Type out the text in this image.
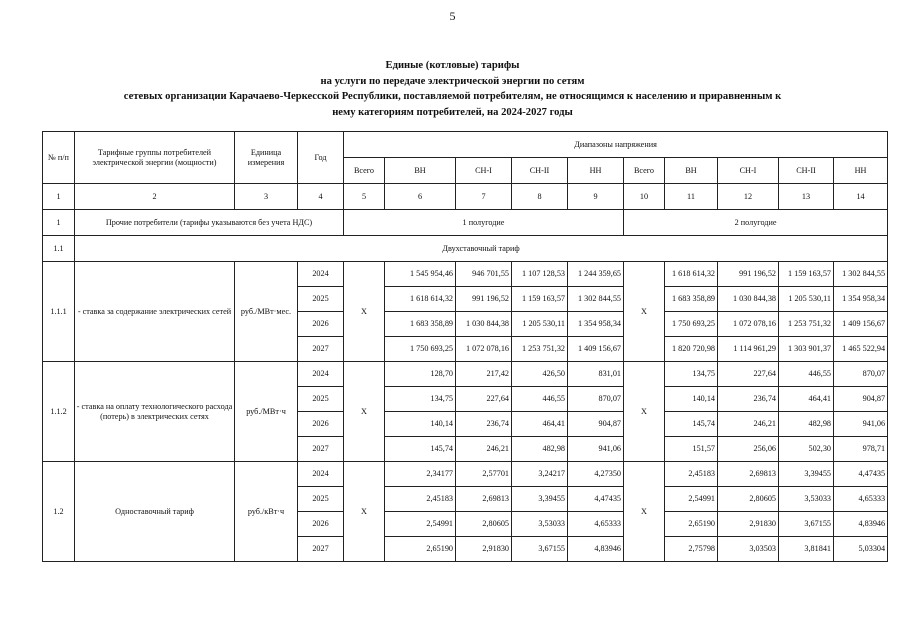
5
Единые (котловые) тарифы
на услуги по передаче электрической энергии по сетям
сетевых организации Карачаево-Черкесской Республики, поставляемой потребителям, не относящимся к населению и приравненным к
нему категориям потребителей, на 2024-2027 годы
№ п/п	Тарифные группы потребителей электрической энергии (мощности)	Единица измерения	Год	Диапазоны напряжения									
				Всего	ВН	СН-I	СН-II	НН	Всего	ВН	СН-I	СН-II	НН
1	2	3	4	5	6	7	8	9	10	11	12	13	14
1	Прочие потребители (тарифы указываются без учета НДС)			1 полугодие					2 полугодие				
1.1	Двухставочный тариф												
1.1.1	- ставка за содержание электрических сетей	руб./МВт·мес.	2024	X	1 545 954,46	946 701,55	1 107 128,53	1 244 359,65	X	1 618 614,32	991 196,52	1 159 163,57	1 302 844,55
			2025		1 618 614,32	991 196,52	1 159 163,57	1 302 844,55		1 683 358,89	1 030 844,38	1 205 530,11	1 354 958,34
			2026		1 683 358,89	1 030 844,38	1 205 530,11	1 354 958,34		1 750 693,25	1 072 078,16	1 253 751,32	1 409 156,67
			2027		1 750 693,25	1 072 078,16	1 253 751,32	1 409 156,67		1 820 720,98	1 114 961,29	1 303 901,37	1 465 522,94
1.1.2	- ставка на оплату технологического расхода (потерь) в электрических сетях	руб./МВт·ч	2024	X	128,70	217,42	426,50	831,01	X	134,75	227,64	446,55	870,07
			2025		134,75	227,64	446,55	870,07		140,14	236,74	464,41	904,87
			2026		140,14	236,74	464,41	904,87		145,74	246,21	482,98	941,06
			2027		145,74	246,21	482,98	941,06		151,57	256,06	502,30	978,71
1.2	Одноставочный тариф	руб./кВт·ч	2024	X	2,34177	2,57701	3,24217	4,27350	X	2,45183	2,69813	3,39455	4,47435
			2025		2,45183	2,69813	3,39455	4,47435		2,54991	2,80605	3,53033	4,65333
			2026		2,54991	2,80605	3,53033	4,65333		2,65190	2,91830	3,67155	4,83946
			2027		2,65190	2,91830	3,67155	4,83946		2,75798	3,03503	3,81841	5,03304
